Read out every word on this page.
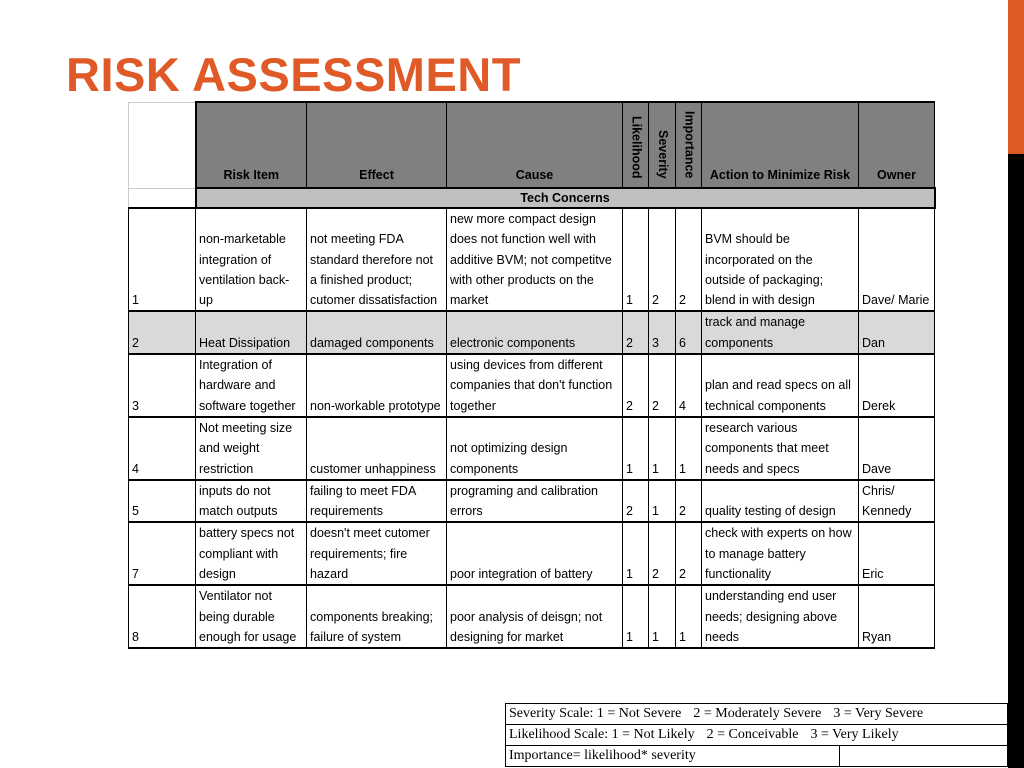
RISK ASSESSMENT
	Risk Item	Effect	Cause	Likelihood	Severity	Importance	Action to Minimize Risk	Owner
	Tech Concerns							
1	non-marketable integration of ventilation back-up	not meeting FDA standard therefore not a finished product; cutomer dissatisfaction	new more compact design does not function well with additive BVM; not competitve with other products on the market	1	2	2	BVM should be incorporated on the outside of packaging; blend in with design	Dave/ Marie
2	Heat Dissipation	damaged components	electronic components	2	3	6	track and manage components	Dan
3	Integration of hardware and software together	non-workable prototype	using devices from different companies that don't function together	2	2	4	plan and read specs on all technical components	Derek
4	Not meeting size and weight restriction	customer unhappiness	not optimizing design components	1	1	1	research various components that meet needs and specs	Dave
5	inputs do not match outputs	failing to meet FDA requirements	programing and calibration errors	2	1	2	quality testing of design	Chris/ Kennedy
7	battery specs not compliant with design	doesn't meet cutomer requirements; fire hazard	poor integration of battery	1	2	2	check with experts on how to manage battery functionality	Eric
8	Ventilator not being durable enough for usage	components breaking; failure of system	poor analysis of deisgn; not designing for market	1	1	1	understanding end user needs; designing above needs	Ryan
Severity Scale: 1 = Not Severe 2 = Moderately Severe 3 = Very Severe		
Likelihood Scale: 1 = Not Likely 2 = Conceivable 3 = Very Likely		
Importance= likelihood* severity		
